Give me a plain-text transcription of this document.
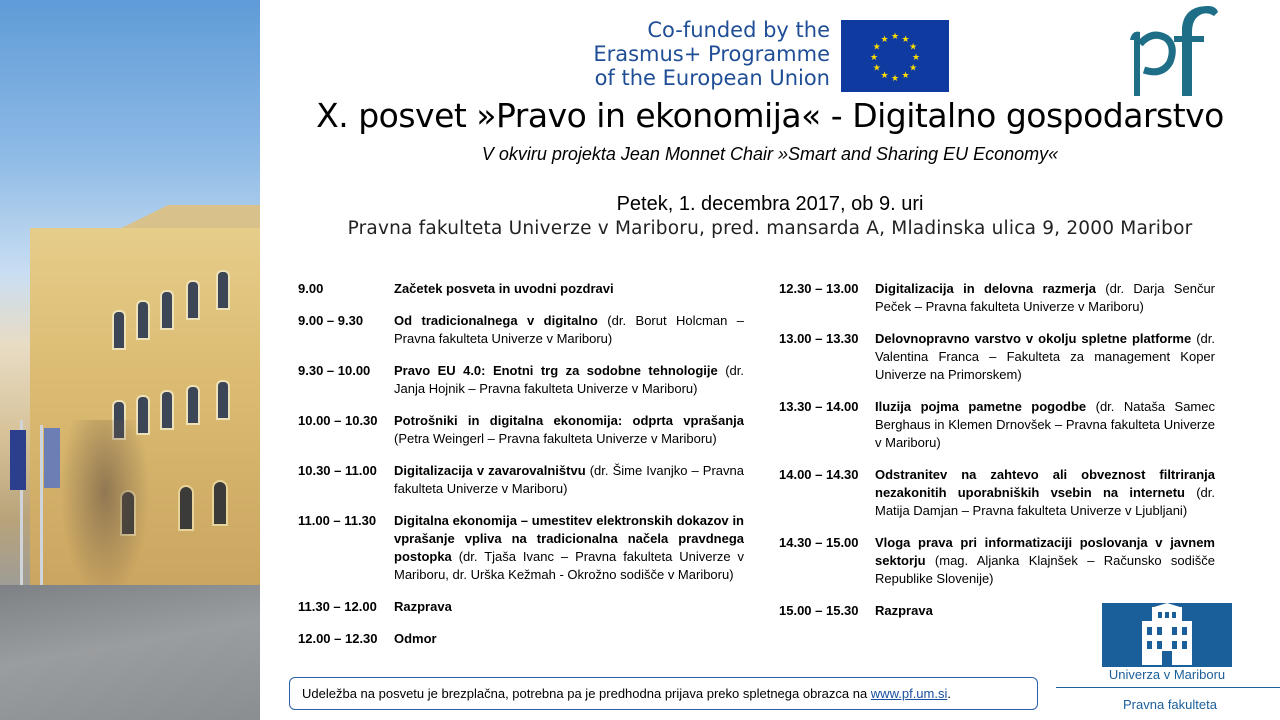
Co-funded by the
Erasmus+ Programme
of the European Union
★ ★
★
★
★
★
★
★
★
★
★
★
X. posvet »Pravo in ekonomija« - Digitalno gospodarstvo
V okviru projekta Jean Monnet Chair »Smart and Sharing EU Economy«
Petek, 1. decembra 2017, ob 9. uri
Pravna fakulteta Univerze v Mariboru, pred. mansarda A, Mladinska ulica 9, 2000 Maribor
9.00	Začetek posveta in uvodni pozdravi
9.00 – 9.30	Od tradicionalnega v digitalno (dr. Borut Holcman – Pravna fakulteta Univerze v Mariboru)
9.30 – 10.00	Pravo EU 4.0: Enotni trg za sodobne tehnologije (dr. Janja Hojnik – Pravna fakulteta Univerze v Mariboru)
10.00 – 10.30	Potrošniki in digitalna ekonomija: odprta vprašanja (Petra Weingerl – Pravna fakulteta Univerze v Mariboru)
10.30 – 11.00	Digitalizacija v zavarovalništvu (dr. Šime Ivanjko – Pravna fakulteta Univerze v Mariboru)
11.00 – 11.30	Digitalna ekonomija – umestitev elektronskih dokazov in vprašanje vpliva na tradicionalna načela pravdnega postopka (dr. Tjaša Ivanc – Pravna fakulteta Univerze v Mariboru, dr. Urška Kežmah - Okrožno sodišče v Mariboru)
11.30 – 12.00	Razprava
12.00 – 12.30	Odmor
12.30 – 13.00	Digitalizacija in delovna razmerja (dr. Darja Senčur Peček – Pravna fakulteta Univerze v Mariboru)
13.00 – 13.30	Delovnopravno varstvo v okolju spletne platforme (dr. Valentina Franca – Fakulteta za management Koper Univerze na Primorskem)
13.30 – 14.00	Iluzija pojma pametne pogodbe (dr. Nataša Samec Berghaus in Klemen Drnovšek – Pravna fakulteta Univerze v Mariboru)
14.00 – 14.30	Odstranitev na zahtevo ali obveznost filtriranja nezakonitih uporabniških vsebin na internetu (dr. Matija Damjan – Pravna fakulteta Univerze v Ljubljani)
14.30 – 15.00	Vloga prava pri informatizaciji poslovanja v javnem sektorju (mag. Aljanka Klajnšek – Računsko sodišče Republike Slovenije)
15.00 – 15.30	Razprava
Udeležba na posvetu je brezplačna, potrebna pa je predhodna prijava preko spletnega obrazca na www.pf.um.si.
Univerza v Mariboru
Pravna fakulteta
